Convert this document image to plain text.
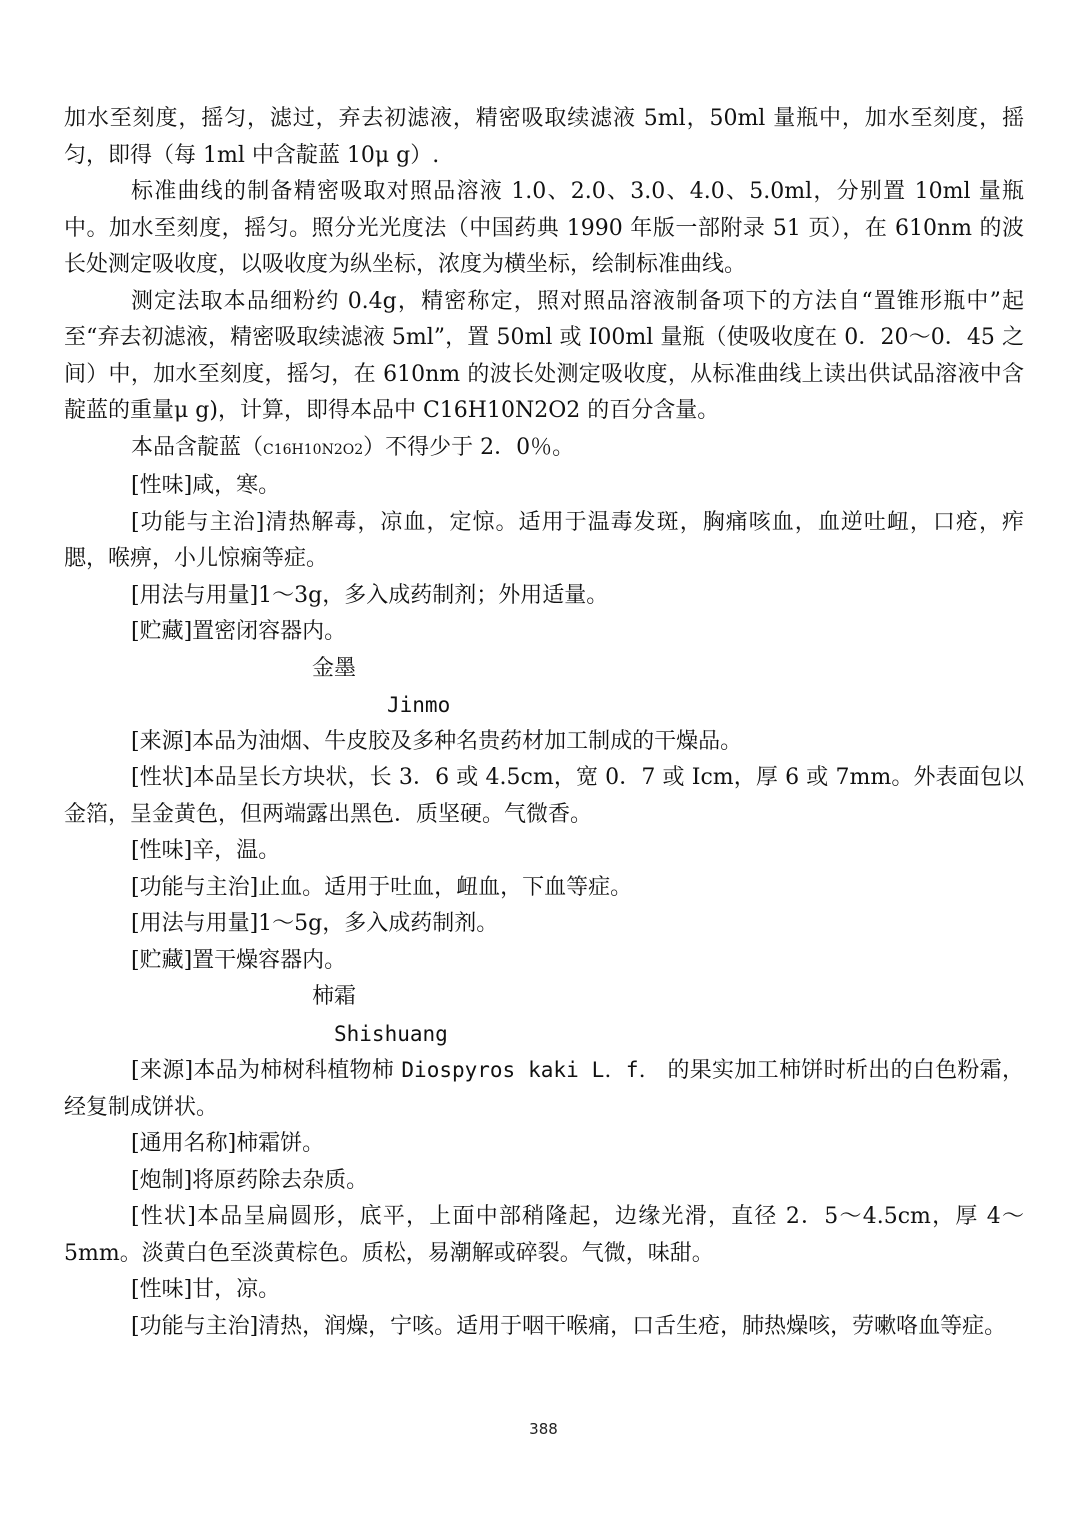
加水至刻度，摇匀，滤过，弃去初滤液，精密吸取续滤液 5ml，50ml 量瓶中，加水至刻度，摇匀，即得（每 1ml 中含靛蓝 10μ g）.

标准曲线的制备精密吸取对照品溶液 1.0、2.0、3.0、4.0、5.0ml，分别置 10ml 量瓶中。加水至刻度，摇匀。照分光光度法（中国药典 1990 年版一部附录 51 页），在 610nm 的波长处测定吸收度，以吸收度为纵坐标，浓度为横坐标，绘制标准曲线。

测定法取本品细粉约 0.4g，精密称定，照对照品溶液制备项下的方法自“置锥形瓶中”起至“弃去初滤液，精密吸取续滤液 5ml”，置 50ml 或 I00ml 量瓶（使吸收度在 0．20～0．45 之间）中，加水至刻度，摇匀，在 610nm 的波长处测定吸收度，从标准曲线上读出供试品溶液中含靛蓝的重量μ g)，计算，即得本品中 C16H10N2O2 的百分含量。

本品含靛蓝（C16H10N2O2）不得少于 2．0％。

[性味]咸，寒。

[功能与主治]清热解毒，凉血，定惊。适用于温毒发斑，胸痛咳血，血逆吐衄，口疮，痄腮，喉痹，小儿惊痫等症。

[用法与用量]1～3g，多入成药制剂；外用适量。

[贮藏]置密闭容器内。

金墨

Jinmo

[来源]本品为油烟、牛皮胶及多种名贵药材加工制成的干燥品。

[性状]本品呈长方块状，长 3．6 或 4.5cm，宽 0．7 或 Icm，厚 6 或 7mm。外表面包以金箔，呈金黄色，但两端露出黑色．质坚硬。气微香。

[性味]辛，温。

[功能与主治]止血。适用于吐血，衄血，下血等症。

[用法与用量]1～5g，多入成药制剂。

[贮藏]置干燥容器内。

柿霜

Shishuang

[来源]本品为柿树科植物柿 Diospyros kaki L．f． 的果实加工柿饼时析出的白色粉霜，经复制成饼状。

[通用名称]柿霜饼。

[炮制]将原药除去杂质。

[性状]本品呈扁圆形，底平，上面中部稍隆起，边缘光滑，直径 2．5～4.5cm，厚 4～5mm。淡黄白色至淡黄棕色。质松，易潮解或碎裂。气微，味甜。

[性味]甘，凉。

[功能与主治]清热，润燥，宁咳。适用于咽干喉痛，口舌生疮，肺热燥咳，劳嗽咯血等症。

388
